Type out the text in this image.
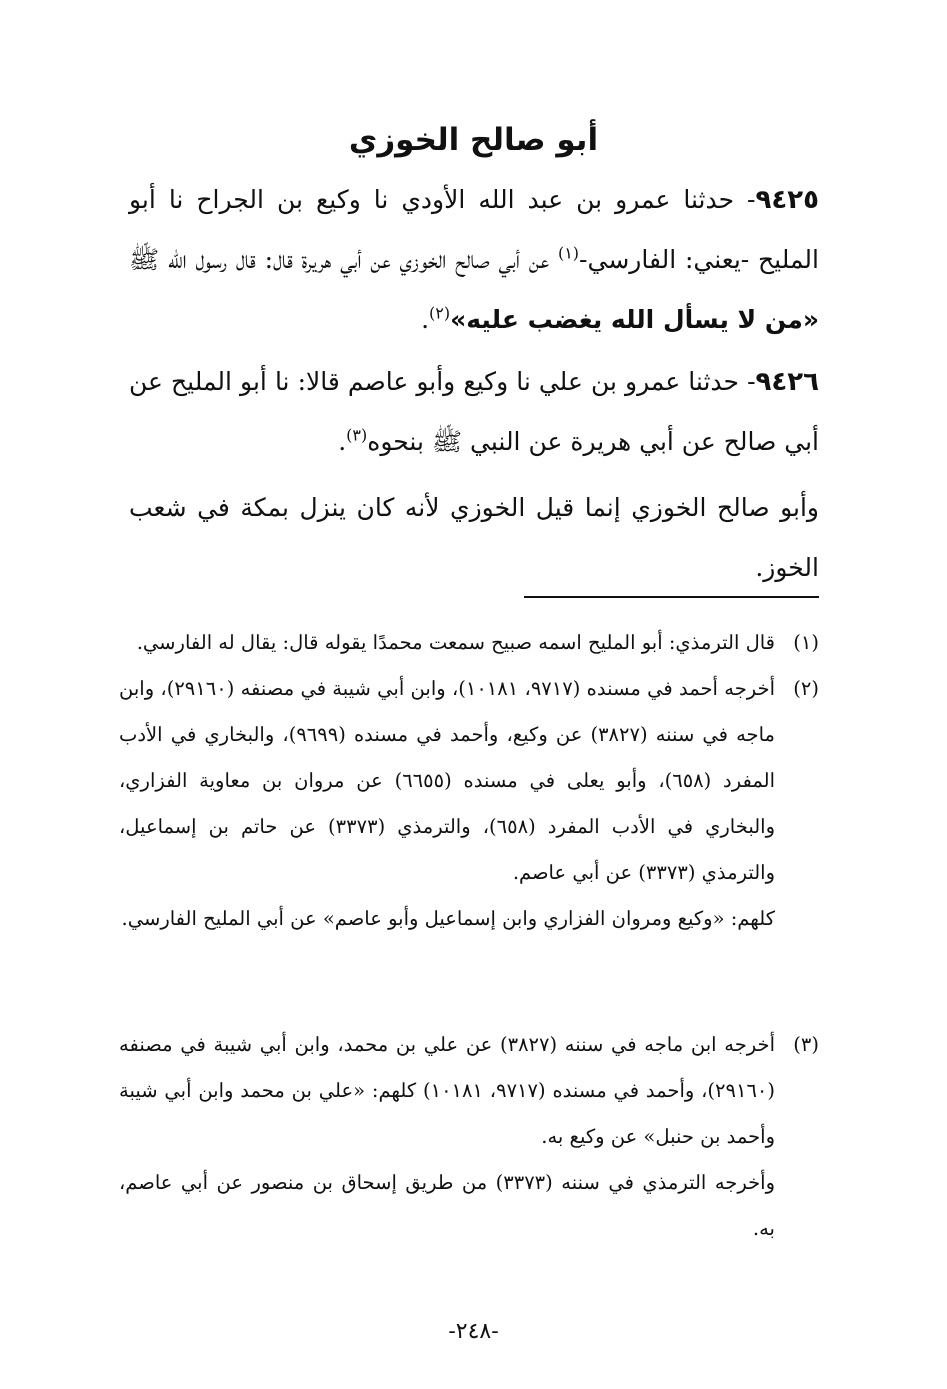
أبو صالح الخوزي
٩٤٢٥- حدثنا عمرو بن عبد الله الأودي نا وكيع بن الجراح نا أبو المليح -يعني: الفارسي-$^{(١)}$ عن أبي صالح الخوزي عن أبي هريرة قال: قال رسول الله ﷺ «من لا يسأل الله يغضب عليه»$^{(٢)}$.
٩٤٢٦- حدثنا عمرو بن علي نا وكيع وأبو عاصم قالا: نا أبو المليح عن أبي صالح عن أبي هريرة عن النبي ﷺ بنحوه$^{(٣)}$.
وأبو صالح الخوزي إنما قيل الخوزي لأنه كان ينزل بمكة في شعب الخوز.
(١)

قال الترمذي: أبو المليح اسمه صبيح سمعت محمدًا يقوله قال: يقال له الفارسي.

(٢)

أخرجه أحمد في مسنده (٩٧١٧، ١٠١٨١)، وابن أبي شيبة في مصنفه (٢٩١٦٠)، وابن ماجه في سننه (٣٨٢٧) عن وكيع، وأحمد في مسنده (٩٦٩٩)، والبخاري في الأدب المفرد (٦٥٨)، وأبو يعلى في مسنده (٦٦٥٥) عن مروان بن معاوية الفزاري، والبخاري في الأدب المفرد (٦٥٨)، والترمذي (٣٣٧٣) عن حاتم بن إسماعيل، والترمذي (٣٣٧٣) عن أبي عاصم.

كلهم: «وكيع ومروان الفزاري وابن إسماعيل وأبو عاصم» عن أبي المليح الفارسي.

(٣)

أخرجه ابن ماجه في سننه (٣٨٢٧) عن علي بن محمد، وابن أبي شيبة في مصنفه (٢٩١٦٠)، وأحمد في مسنده (٩٧١٧، ١٠١٨١) كلهم: «علي بن محمد وابن أبي شيبة وأحمد بن حنبل» عن وكيع به.

وأخرجه الترمذي في سننه (٣٣٧٣) من طريق إسحاق بن منصور عن أبي عاصم، به.

-٢٤٨-
